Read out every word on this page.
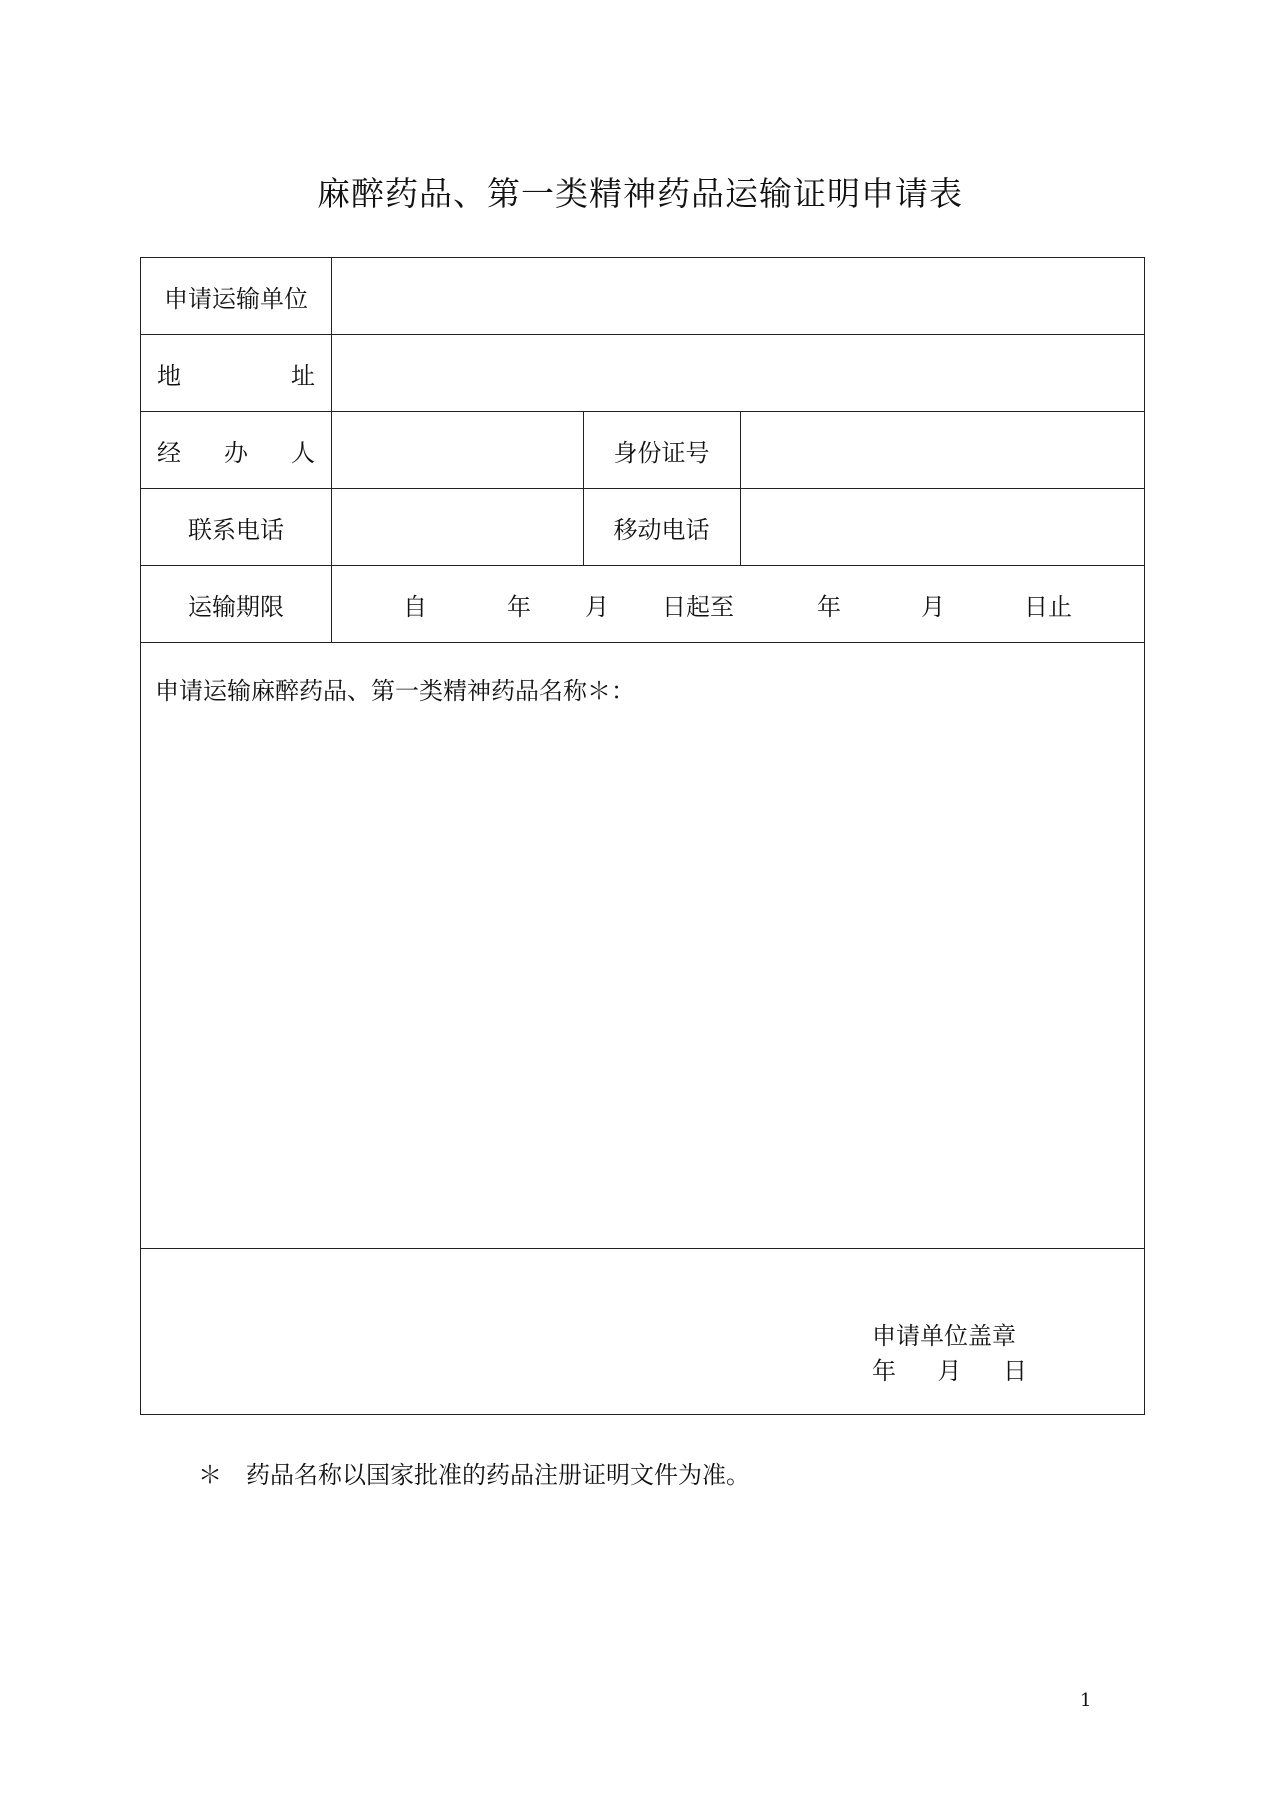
麻醉药品、第一类精神药品运输证明申请表
申请运输单位
地	址
经 办 人	身份证号
联系电话	移动电话
运输期限	自	年 月 日起至	年	月	日止
申请运输麻醉药品、第一类精神药品名称＊：
申请单位盖章
年 月 日
＊	药品名称以国家批准的药品注册证明文件为准。
1
